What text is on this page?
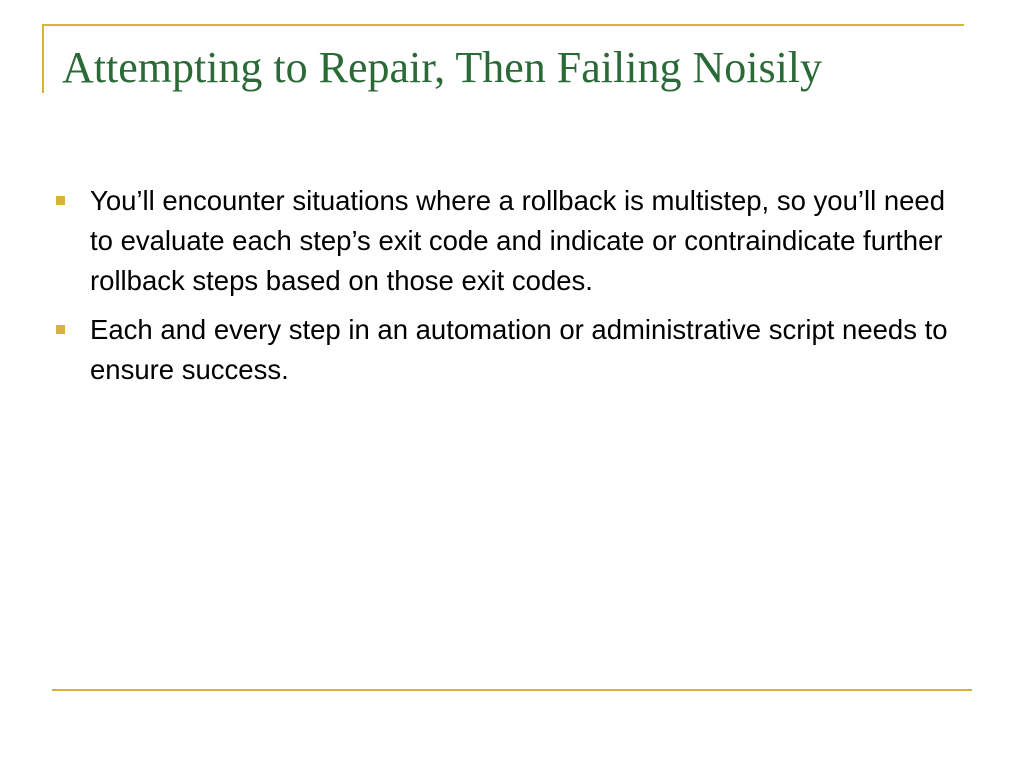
Attempting to Repair, Then Failing Noisily
You’ll encounter situations where a rollback is multistep, so you’ll need to evaluate each step’s exit code and indicate or contraindicate further rollback steps based on those exit codes.
Each and every step in an automation or administrative script needs to ensure success.
